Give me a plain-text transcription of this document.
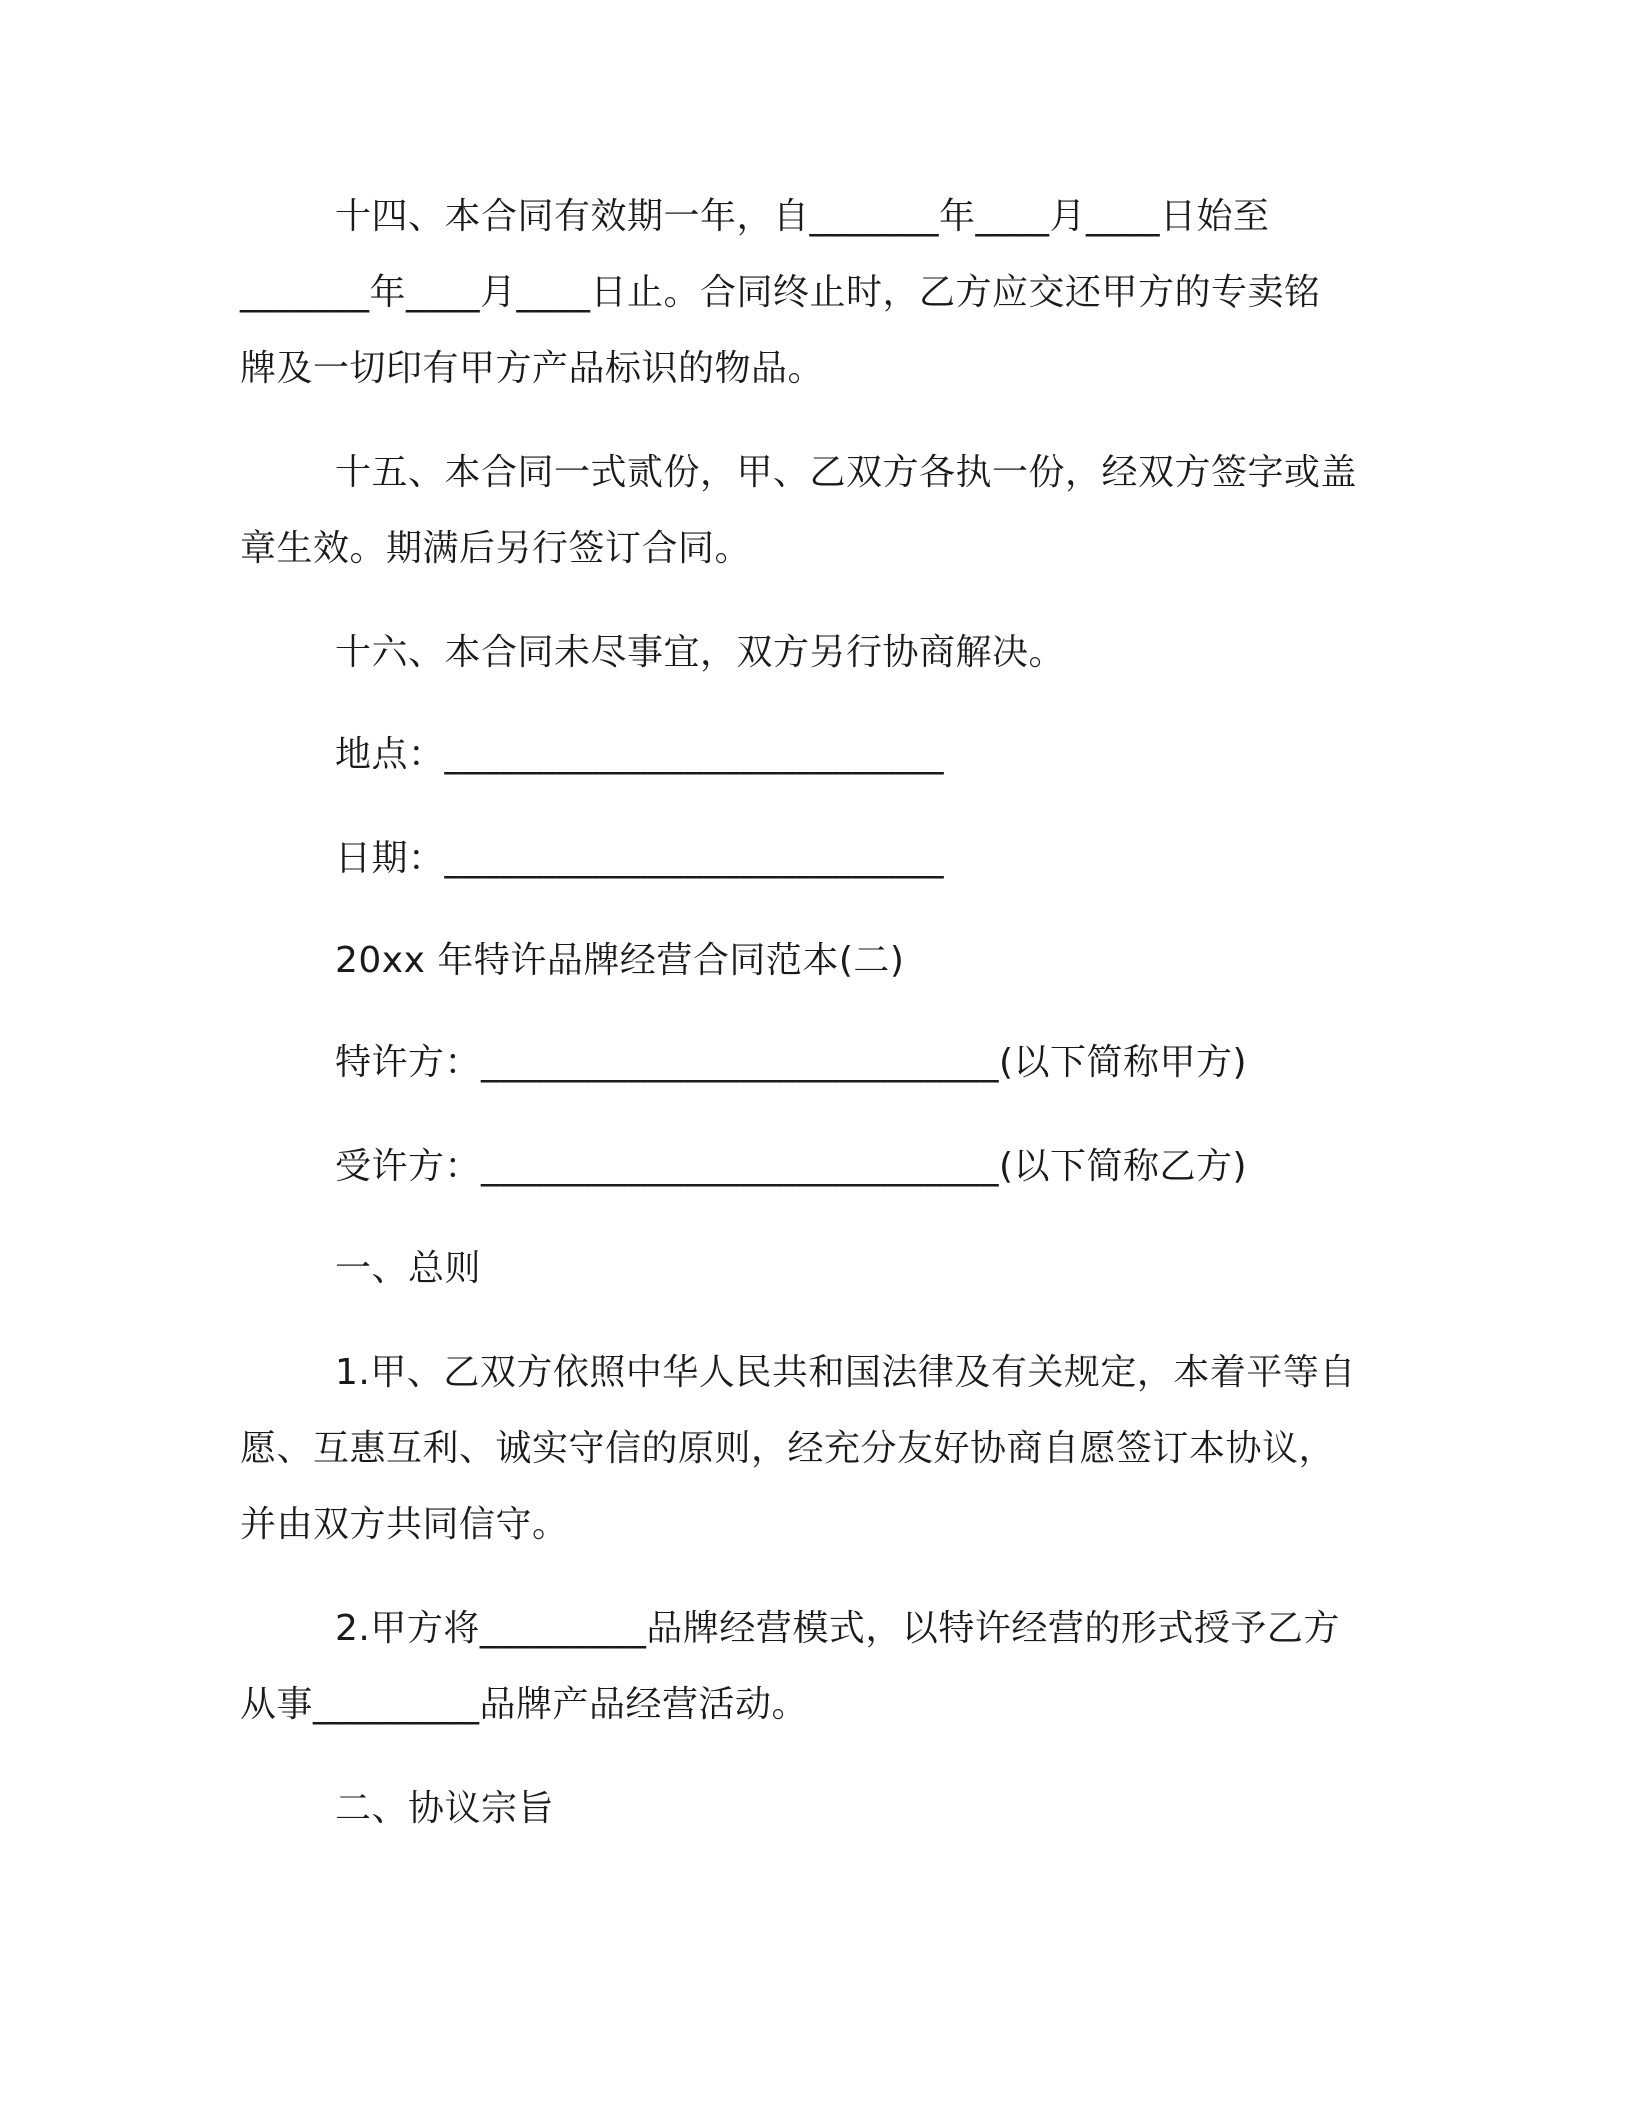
十四、本合同有效期一年，自_______年____月____日始至
_______年____月____日止。合同终止时，乙方应交还甲方的专卖铭
牌及一切印有甲方产品标识的物品。
十五、本合同一式贰份，甲、乙双方各执一份，经双方签字或盖
章生效。期满后另行签订合同。
十六、本合同未尽事宜，双方另行协商解决。
地点：___________________________
日期：___________________________
20xx 年特许品牌经营合同范本(二)
特许方：____________________________(以下简称甲方)
受许方：____________________________(以下简称乙方)
一、总则
1.甲、乙双方依照中华人民共和国法律及有关规定，本着平等自
愿、互惠互利、诚实守信的原则，经充分友好协商自愿签订本协议，
并由双方共同信守。
2.甲方将_________品牌经营模式，以特许经营的形式授予乙方
从事_________品牌产品经营活动。
二、协议宗旨
